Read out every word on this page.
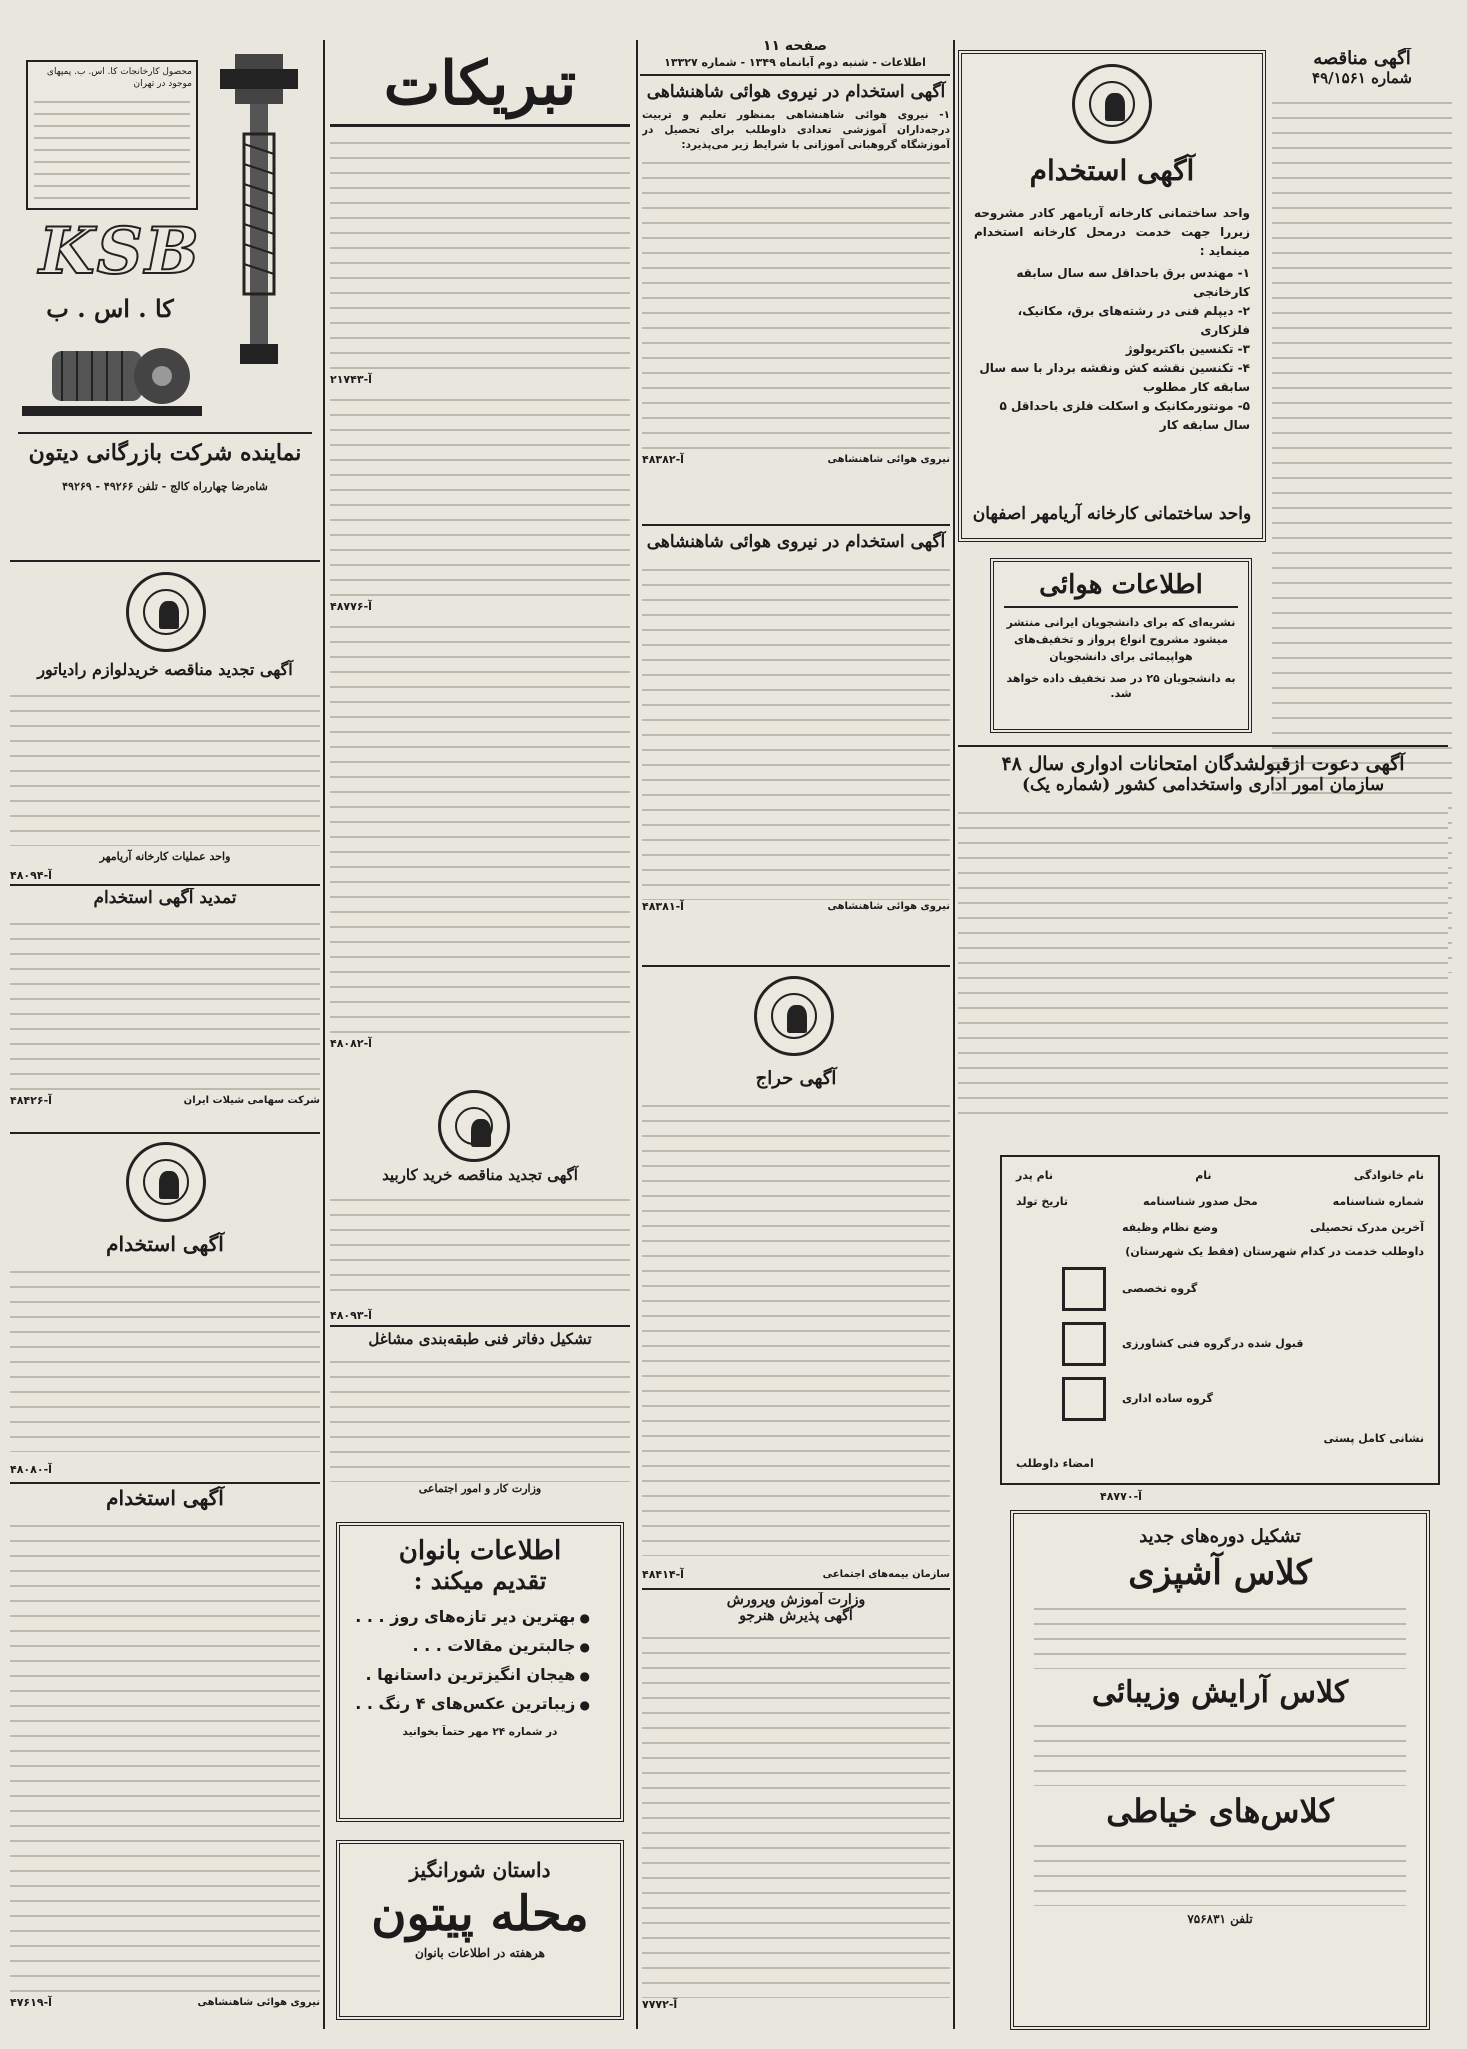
صفحه ۱۱
اطلاعات - شنبه دوم آبانماه ۱۳۴۹ - شماره ۱۳۳۲۷	آگهی مناقصه
شماره ۴۹/۱۵۶۱
آگهی استخدام
واحد ساختمانی کارخانه آریامهر کادر مشروحه زیررا جهت خدمت درمحل کارخانه استخدام مینماید :
۱- مهندس برق باحداقل سه سال سابقه کارخانجی
۲- دیپلم فنی در رشته‌های برق، مکانیک، فلزکاری
۳- تکنسین باکتریولوژ
۴- تکنسین نقشه کش ونقشه بردار با سه سال سابقه کار مطلوب
۵- مونتورمکانیک و اسکلت فلزی باحداقل ۵ سال سابقه کار
واحد ساختمانی کارخانه آریامهر اصفهان
اطلاعات هوائی
نشریه‌ای که برای دانشجویان ایرانی منتشر میشود مشروح انواع پرواز و تخفیف‌های هواپیمائی برای دانشجویان
به دانشجویان ۲۵ در صد تخفیف داده خواهد شد.
آگهی دعوت ازقبولشدگان امتحانات ادواری سال ۴۸
سازمان امور اداری واستخدامی کشور (شماره یک)
نام خانوادگی
نام
نام پدر
شماره شناسنامه
محل صدور شناسنامه
تاریخ تولد
آخرین مدرک تحصیلی
وضع نظام وظیفه
داوطلب خدمت در کدام شهرستان (فقط یک شهرستان)
گروه تخصصی
گروه فنی کشاورزی
گروه ساده اداری
قبول شده در
نشانی کامل پستی
امضاء داوطلب
آ-۴۸۷۷۰
تشکیل دوره‌های جدید
کلاس آشپزی
کلاس آرایش وزیبائی
کلاس‌های خیاطی
تلفن ۷۵۶۸۳۱
آگهی استخدام در نیروی هوائی شاهنشاهی
۱- نیروی هوائی شاهنشاهی بمنظور تعلیم و تربیت درجه‌داران آموزشی تعدادی داوطلب برای تحصیل در آموزشگاه گروهبانی آموزانی با شرایط زیر می‌پذیرد:
نیروی هوائی شاهنشاهی
آ-۴۸۳۸۲
آگهی استخدام در نیروی هوائی شاهنشاهی
نیروی هوائی شاهنشاهی
آ-۴۸۳۸۱
آگهی حراج
سازمان بیمه‌های اجتماعی
آ-۴۸۴۱۴
وزارت آموزش وپرورش
آگهی پذیرش هنرجو
آ-۷۷۷۲
تبریکات
آ-۲۱۷۴۳
آ-۴۸۷۷۶
آ-۴۸۰۸۲
آگهی تجدید مناقصه خرید کاربید
آ-۴۸۰۹۳
تشکیل دفاتر فنی طبقه‌بندی مشاغل
وزارت کار و امور اجتماعی
اطلاعات بانوان
تقدیم میکند :
● بهترین دیر تازه‌های روز . . .
● جالبترین مقالات . . .
● هیجان انگیزترین داستانها .
● زیباترین عکس‌های ۴ رنگ . .
در شماره ۲۴ مهر حتماً بخوانید
داستان شورانگیز
محله پیتون
هرهفته در اطلاعات بانوان
محصول کارخانجات کا. اس. ب. پمپهای موجود در تهران
KSB
کا . اس . ب
نماینده شرکت بازرگانی دیتون
شاه‌رضا چهارراه کالج - تلفن ۴۹۲۶۶ - ۴۹۲۶۹
آگهی تجدید مناقصه خریدلوازم رادیاتور
واحد عملیات کارخانه آریامهر
آ-۴۸۰۹۴
تمدید آگهی استخدام
شرکت سهامی شیلات ایران
آ-۴۸۴۲۶
آگهی استخدام
آ-۴۸۰۸۰
آگهی استخدام
نیروی هوائی شاهنشاهی
آ-۴۷۶۱۹
